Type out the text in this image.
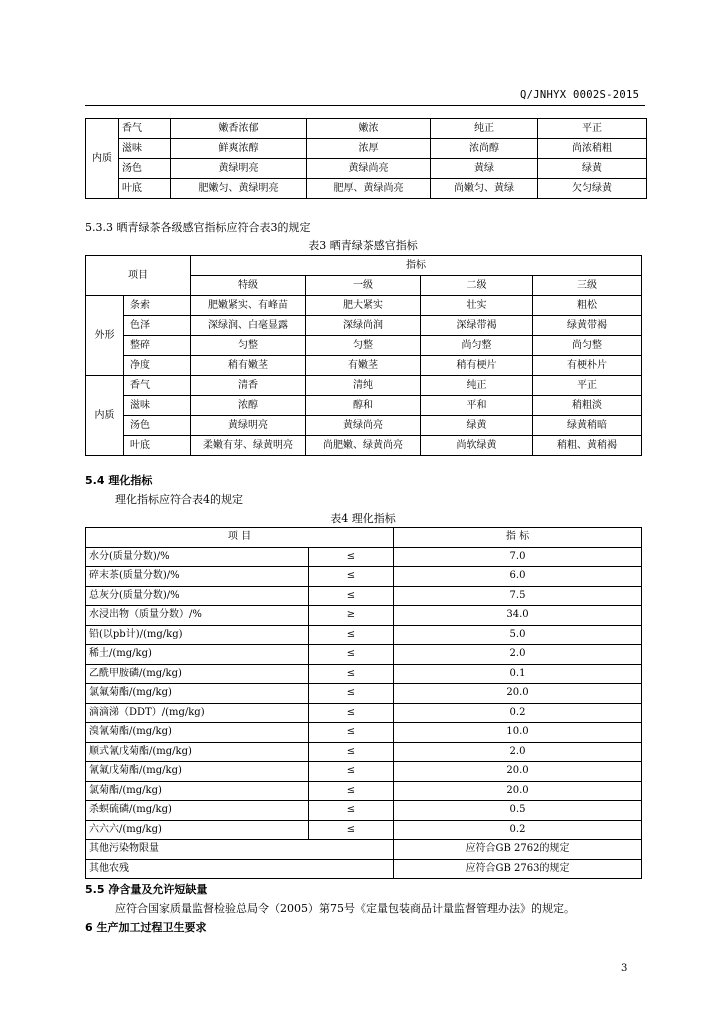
Q/JNHYX 0002S-2015
内质	香气	嫩香浓郁	嫩浓	纯正	平正
	滋味	鲜爽浓醇	浓厚	浓尚醇	尚浓稍粗
	汤色	黄绿明亮	黄绿尚亮	黄绿	绿黄
	叶底	肥嫩匀、黄绿明亮	肥厚、黄绿尚亮	尚嫩匀、黄绿	欠匀绿黄
5.3.3 晒青绿茶各级感官指标应符合表3的规定
表3 晒青绿茶感官指标
项目		指标			
		特级	一级	二级	三级
外形	条索	肥嫩紧实、有峰苗	肥大紧实	壮实	粗松
	色泽	深绿润、白毫显露	深绿尚润	深绿带褐	绿黄带褐
	整碎	匀整	匀整	尚匀整	尚匀整
	净度	稍有嫩茎	有嫩茎	稍有梗片	有梗朴片
内质	香气	清香	清纯	纯正	平正
	滋味	浓醇	醇和	平和	稍粗淡
	汤色	黄绿明亮	黄绿尚亮	绿黄	绿黄稍暗
	叶底	柔嫩有芽、绿黄明亮	尚肥嫩、绿黄尚亮	尚软绿黄	稍粗、黄稍褐
5.4 理化指标
理化指标应符合表4的规定
表4 理化指标
项 目		指 标
水分(质量分数)/%	≤	7.0
碎末茶(质量分数)/%	≤	6.0
总灰分(质量分数)/%	≤	7.5
水浸出物（质量分数）/%	≥	34.0
铅(以pb计)/(mg/kg)	≤	5.0
稀土/(mg/kg)	≤	2.0
乙酰甲胺磷/(mg/kg)	≤	0.1
氯氟菊酯/(mg/kg)	≤	20.0
滴滴涕（DDT）/(mg/kg)	≤	0.2
溴氰菊酯/(mg/kg)	≤	10.0
顺式氰戊菊酯/(mg/kg)	≤	2.0
氰氟戊菊酯/(mg/kg)	≤	20.0
氯菊酯/(mg/kg)	≤	20.0
杀螟硫磷/(mg/kg)	≤	0.5
六六六/(mg/kg)	≤	0.2
其他污染物限量		应符合GB 2762的规定
其他农残		应符合GB 2763的规定
5.5 净含量及允许短缺量
应符合国家质量监督检验总局令（2005）第75号《定量包装商品计量监督管理办法》的规定。
6 生产加工过程卫生要求
3
